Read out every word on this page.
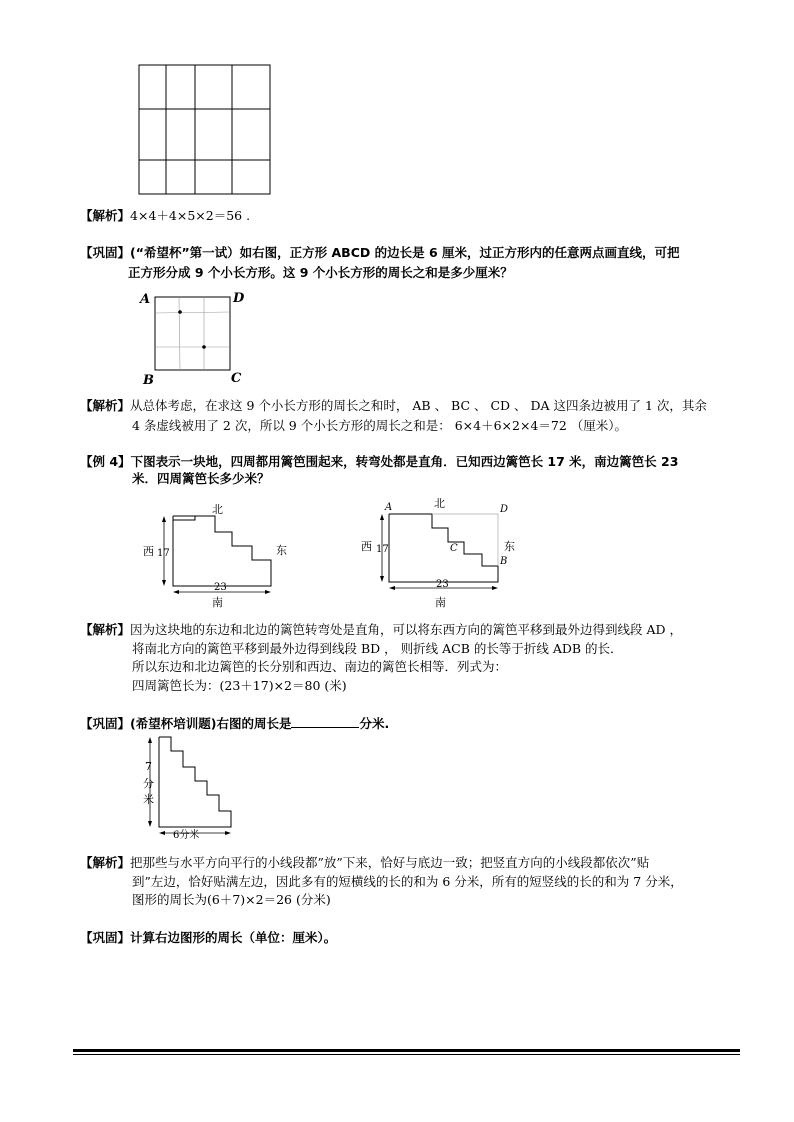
【解析】4×4＋4×5×2＝56 .
【巩固】(“希望杯”第一试）如右图，正方形 ABCD 的边长是 6 厘米，过正方形内的任意两点画直线，可把
正方形分成 9 个小长方形。这 9 个小长方形的周长之和是多少厘米？
A	D
B	C
【解析】从总体考虑，在求这 9 个小长方形的周长之和时， AB 、 BC 、 CD 、 DA 这四条边被用了 1 次，其余
4 条虚线被用了 2 次，所以 9 个小长方形的周长之和是： 6×4＋6×2×4＝72 （厘米）。
【例 4】下图表示一块地，四周都用篱笆围起来，转弯处都是直角．已知西边篱笆长 17 米，南边篱笆长 23
米．四周篱笆长多少米？
北
西 17	东
23
南
A	北	D
西 17	C	东
B
23
南
【解析】因为这块地的东边和北边的篱笆转弯处是直角，可以将东西方向的篱笆平移到最外边得到线段 AD ，
将南北方向的篱笆平移到最外边得到线段 BD ， 则折线 ACB 的长等于折线 ADB 的长．
所以东边和北边篱笆的长分别和西边、南边的篱笆长相等．列式为：
四周篱笆长为：(23＋17)×2＝80 (米)
【巩固】(希望杯培训题)右图的周长是	分米.
7
分
米
6分米
【解析】把那些与水平方向平行的小线段都”放”下来，恰好与底边一致；把竖直方向的小线段都依次”贴
到”左边，恰好贴满左边，因此多有的短横线的长的和为 6 分米，所有的短竖线的长的和为 7 分米，
图形的周长为(6＋7)×2＝26 (分米)
【巩固】计算右边图形的周长（单位：厘米）。
